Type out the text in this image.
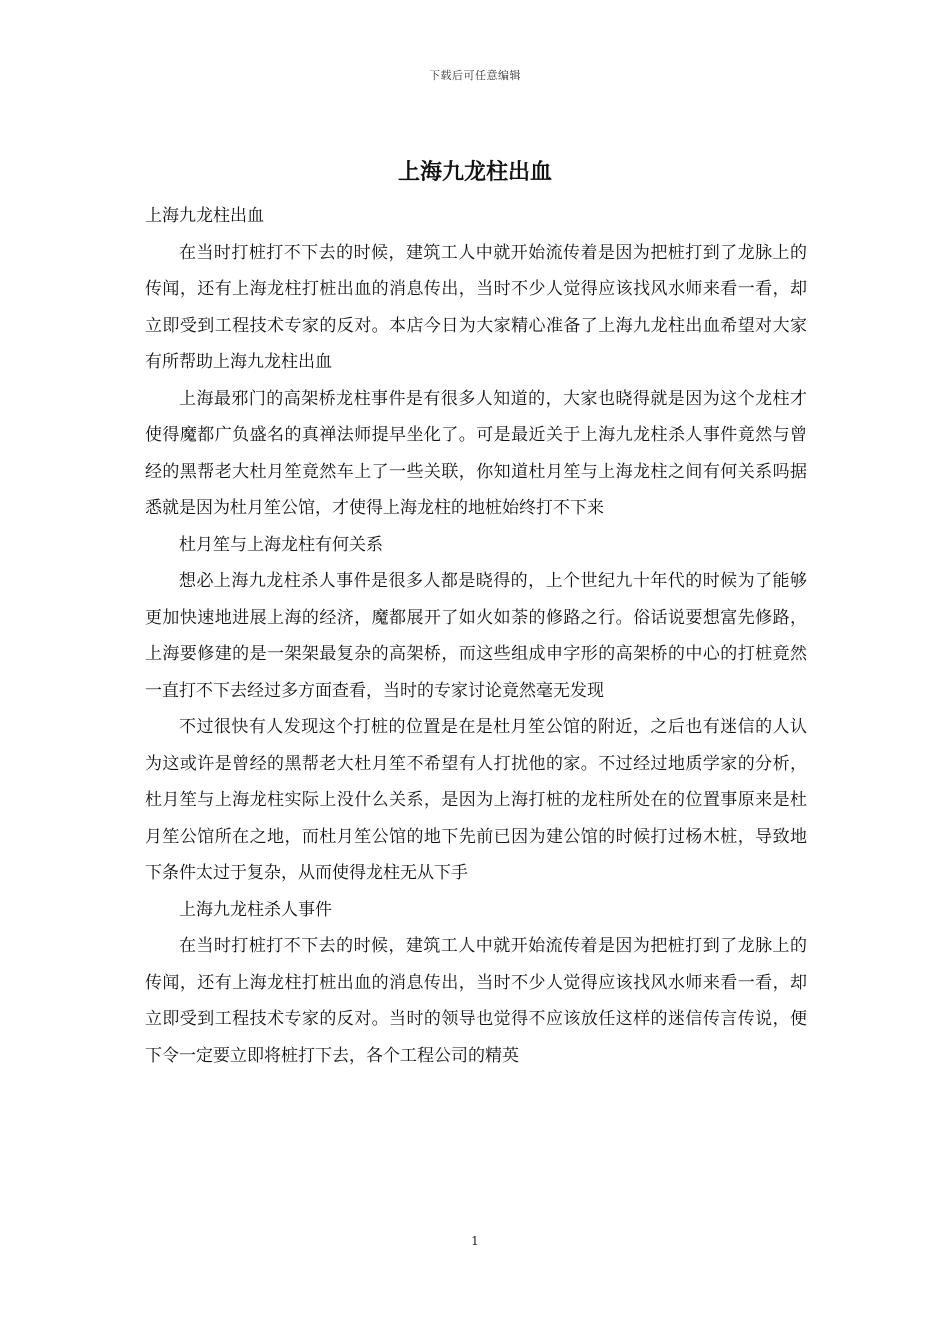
下载后可任意编辑
上海九龙柱出血

上海九龙柱出血

在当时打桩打不下去的时候，建筑工人中就开始流传着是因为把桩打到了龙脉上的传闻，还有上海龙柱打桩出血的消息传出，当时不少人觉得应该找风水师来看一看，却立即受到工程技术专家的反对。本店今日为大家精心准备了上海九龙柱出血希望对大家有所帮助上海九龙柱出血

上海最邪门的高架桥龙柱事件是有很多人知道的，大家也晓得就是因为这个龙柱才使得魔都广负盛名的真禅法师提早坐化了。可是最近关于上海九龙柱杀人事件竟然与曾经的黑帮老大杜月笙竟然车上了一些关联，你知道杜月笙与上海龙柱之间有何关系吗据悉就是因为杜月笙公馆，才使得上海龙柱的地桩始终打不下来

杜月笙与上海龙柱有何关系

想必上海九龙柱杀人事件是很多人都是晓得的，上个世纪九十年代的时候为了能够更加快速地进展上海的经济，魔都展开了如火如荼的修路之行。俗话说要想富先修路，上海要修建的是一架架最复杂的高架桥，而这些组成申字形的高架桥的中心的打桩竟然一直打不下去经过多方面查看，当时的专家讨论竟然毫无发现

不过很快有人发现这个打桩的位置是在是杜月笙公馆的附近，之后也有迷信的人认为这或许是曾经的黑帮老大杜月笙不希望有人打扰他的家。不过经过地质学家的分析，杜月笙与上海龙柱实际上没什么关系，是因为上海打桩的龙柱所处在的位置事原来是杜月笙公馆所在之地，而杜月笙公馆的地下先前已因为建公馆的时候打过杨木桩，导致地下条件太过于复杂，从而使得龙柱无从下手

上海九龙柱杀人事件

在当时打桩打不下去的时候，建筑工人中就开始流传着是因为把桩打到了龙脉上的传闻，还有上海龙柱打桩出血的消息传出，当时不少人觉得应该找风水师来看一看，却立即受到工程技术专家的反对。当时的领导也觉得不应该放任这样的迷信传言传说，便下令一定要立即将桩打下去，各个工程公司的精英

1
